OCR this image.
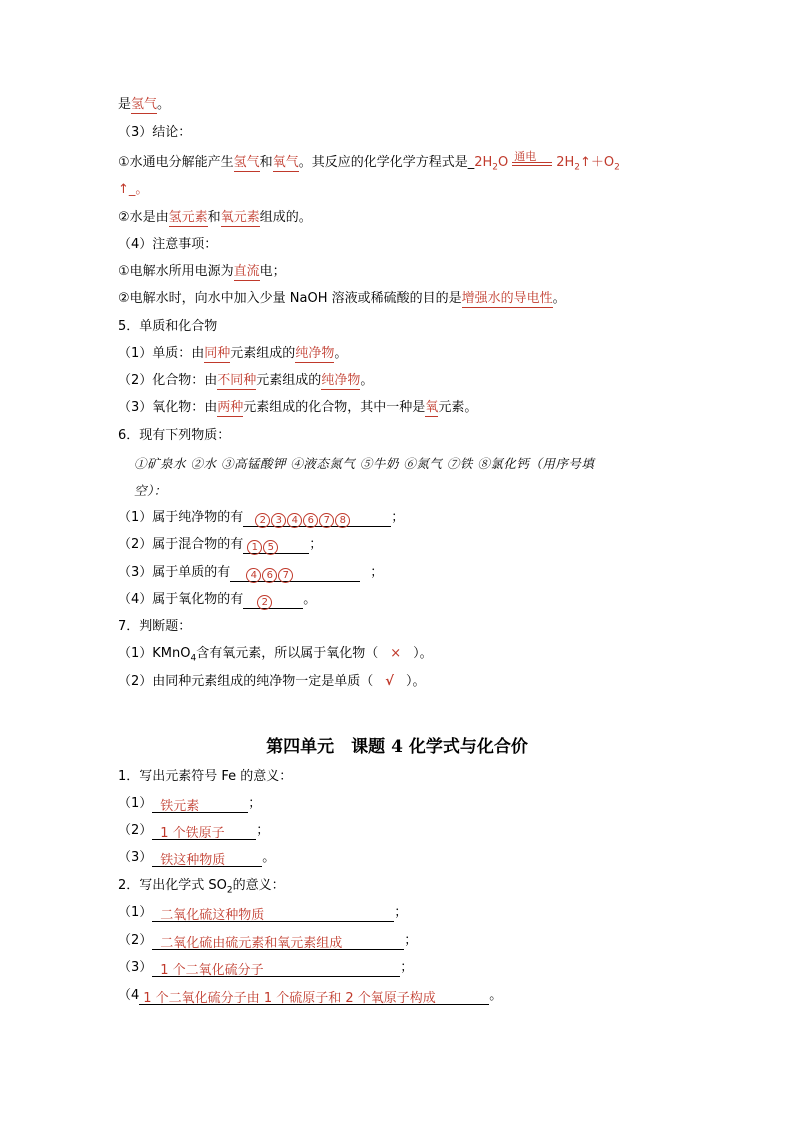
是氢气。
（3）结论：
①水通电分解能产生氢气和氧气。其反应的化学化学方程式是$\_2H_2O$ 通电 $2H_2↑+O_2$
↑_。
②水是由氢元素和氧元素组成的。
（4）注意事项：
①电解水所用电源为直流电；
②电解水时，向水中加入少量 NaOH 溶液或稀硫酸的目的是增强水的导电性。
5．单质和化合物
（1）单质：由同种元素组成的纯净物。
（2）化合物：由不同种元素组成的纯净物。
（3）氧化物：由两种元素组成的化合物，其中一种是氧元素。
6．现有下列物质：
①矿泉水 ②水 ③高锰酸钾 ④液态氮气 ⑤牛奶 ⑥氮气 ⑦铁 ⑧氯化钙（用序号填
空）：
（1）属于纯净物的有 2 3 4 6 7 8	；
（2）属于混合物的有 1 5	；
（3）属于单质的有 4 6 7	；
（4）属于氧化物的有 2	。
7．判断题：
（1）KMnO$_4$含有氧元素，所以属于氧化物（ × ）。
（2）由同种元素组成的纯净物一定是单质（ √ ）。
第四单元　课题 4 化学式与化合价
1．写出元素符号 Fe 的意义：
（1） 铁元素	；
（2） 1 个铁原子 ；
（3） 铁这种物质	。
2．写出化学式 $SO_2$的意义：
（1） 二氧化硫这种物质	；
（2） 二氧化硫由硫元素和氧元素组成	；
（3） 1 个二氧化硫分子	；
（4 1 个二氧化硫分子由 1 个硫原子和 2 个氧原子构成	。
